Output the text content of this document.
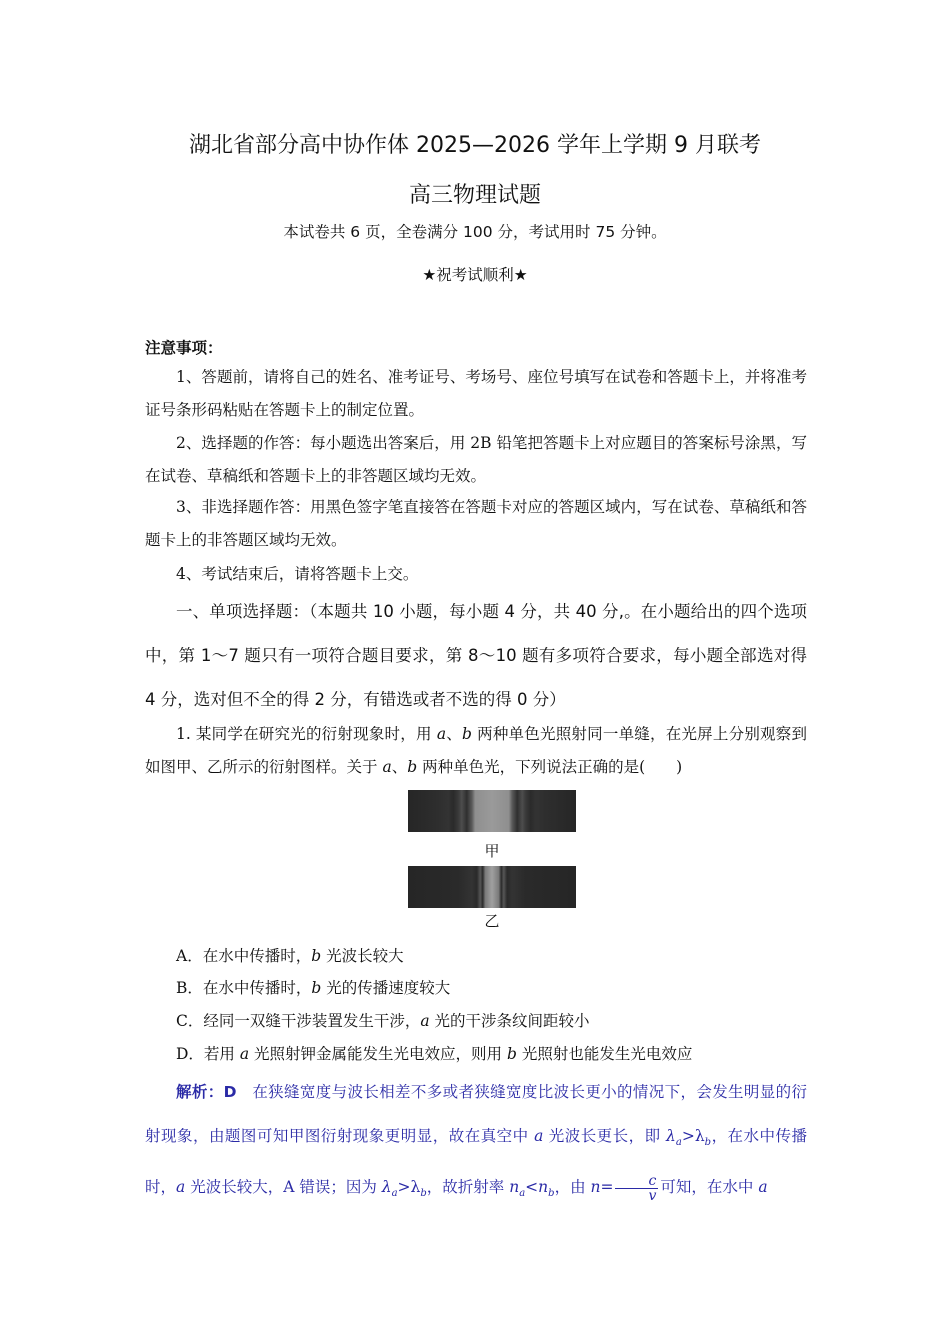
湖北省部分高中协作体 2025—2026 学年上学期 9 月联考
高三物理试题
本试卷共 6 页，全卷满分 100 分，考试用时 75 分钟。
★祝考试顺利★
注意事项：
1、答题前，请将自己的姓名、准考证号、考场号、座位号填写在试卷和答题卡上，并将准考证号条形码粘贴在答题卡上的制定位置。
2、选择题的作答：每小题选出答案后，用 2B 铅笔把答题卡上对应题目的答案标号涂黑，写在试卷、草稿纸和答题卡上的非答题区域均无效。
3、非选择题作答：用黑色签字笔直接答在答题卡对应的答题区域内，写在试卷、草稿纸和答题卡上的非答题区域均无效。
4、考试结束后，请将答题卡上交。
一、单项选择题：（本题共 10 小题，每小题 4 分，共 40 分,。在小题给出的四个选项中，第 1～7 题只有一项符合题目要求，第 8～10 题有多项符合要求，每小题全部选对得 4 分，选对但不全的得 2 分，有错选或者不选的得 0 分）
1. 某同学在研究光的衍射现象时，用 a、b 两种单色光照射同一单缝，在光屏上分别观察到如图甲、乙所示的衍射图样。关于 a、b 两种单色光，下列说法正确的是(　　)
甲
乙
A．在水中传播时，b 光波长较大
B．在水中传播时，b 光的传播速度较大
C．经同一双缝干涉装置发生干涉，a 光的干涉条纹间距较小
D．若用 a 光照射钾金属能发生光电效应，则用 b 光照射也能发生光电效应
解析：D 在狭缝宽度与波长相差不多或者狭缝宽度比波长更小的情况下，会发生明显的衍射现象，由题图可知甲图衍射现象更明显，故在真空中 a 光波长更长，即 $\lambda_a>\lambda_b$，在水中传播时，a 光波长较大，A 错误；因为 $\lambda_a>\lambda_b$，故折射率 $n_a<n_b$，由 $n= \frac{c}{v}$ 可知，在水中 a
